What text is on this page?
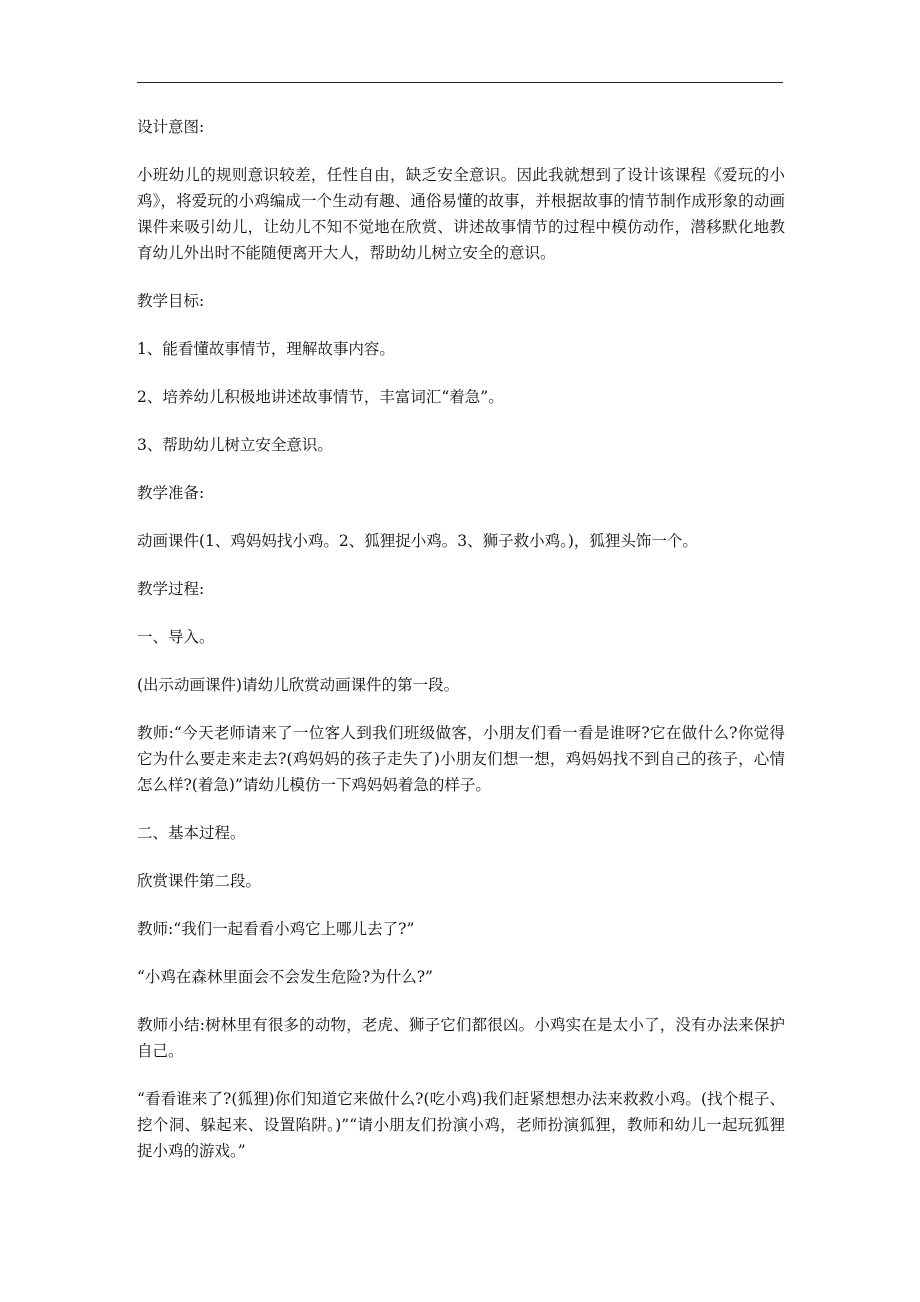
设计意图:

小班幼儿的规则意识较差，任性自由，缺乏安全意识。因此我就想到了设计该课程《爱玩的小鸡》，将爱玩的小鸡编成一个生动有趣、通俗易懂的故事，并根据故事的情节制作成形象的动画课件来吸引幼儿，让幼儿不知不觉地在欣赏、讲述故事情节的过程中模仿动作，潜移默化地教育幼儿外出时不能随便离开大人，帮助幼儿树立安全的意识。

教学目标:

1、能看懂故事情节，理解故事内容。

2、培养幼儿积极地讲述故事情节，丰富词汇“着急”。

3、帮助幼儿树立安全意识。

教学准备:

动画课件(1、鸡妈妈找小鸡。2、狐狸捉小鸡。3、狮子救小鸡。)，狐狸头饰一个。

教学过程:

一、导入。

(出示动画课件)请幼儿欣赏动画课件的第一段。

教师:“今天老师请来了一位客人到我们班级做客，小朋友们看一看是谁呀?它在做什么?你觉得它为什么要走来走去?(鸡妈妈的孩子走失了)小朋友们想一想，鸡妈妈找不到自己的孩子，心情怎么样?(着急)”请幼儿模仿一下鸡妈妈着急的样子。

二、基本过程。

欣赏课件第二段。

教师:“我们一起看看小鸡它上哪儿去了?”

“小鸡在森林里面会不会发生危险?为什么?”

教师小结:树林里有很多的动物，老虎、狮子它们都很凶。小鸡实在是太小了，没有办法来保护自己。

“看看谁来了?(狐狸)你们知道它来做什么?(吃小鸡)我们赶紧想想办法来救救小鸡。(找个棍子、挖个洞、躲起来、设置陷阱。)”“请小朋友们扮演小鸡，老师扮演狐狸，教师和幼儿一起玩狐狸捉小鸡的游戏。”
